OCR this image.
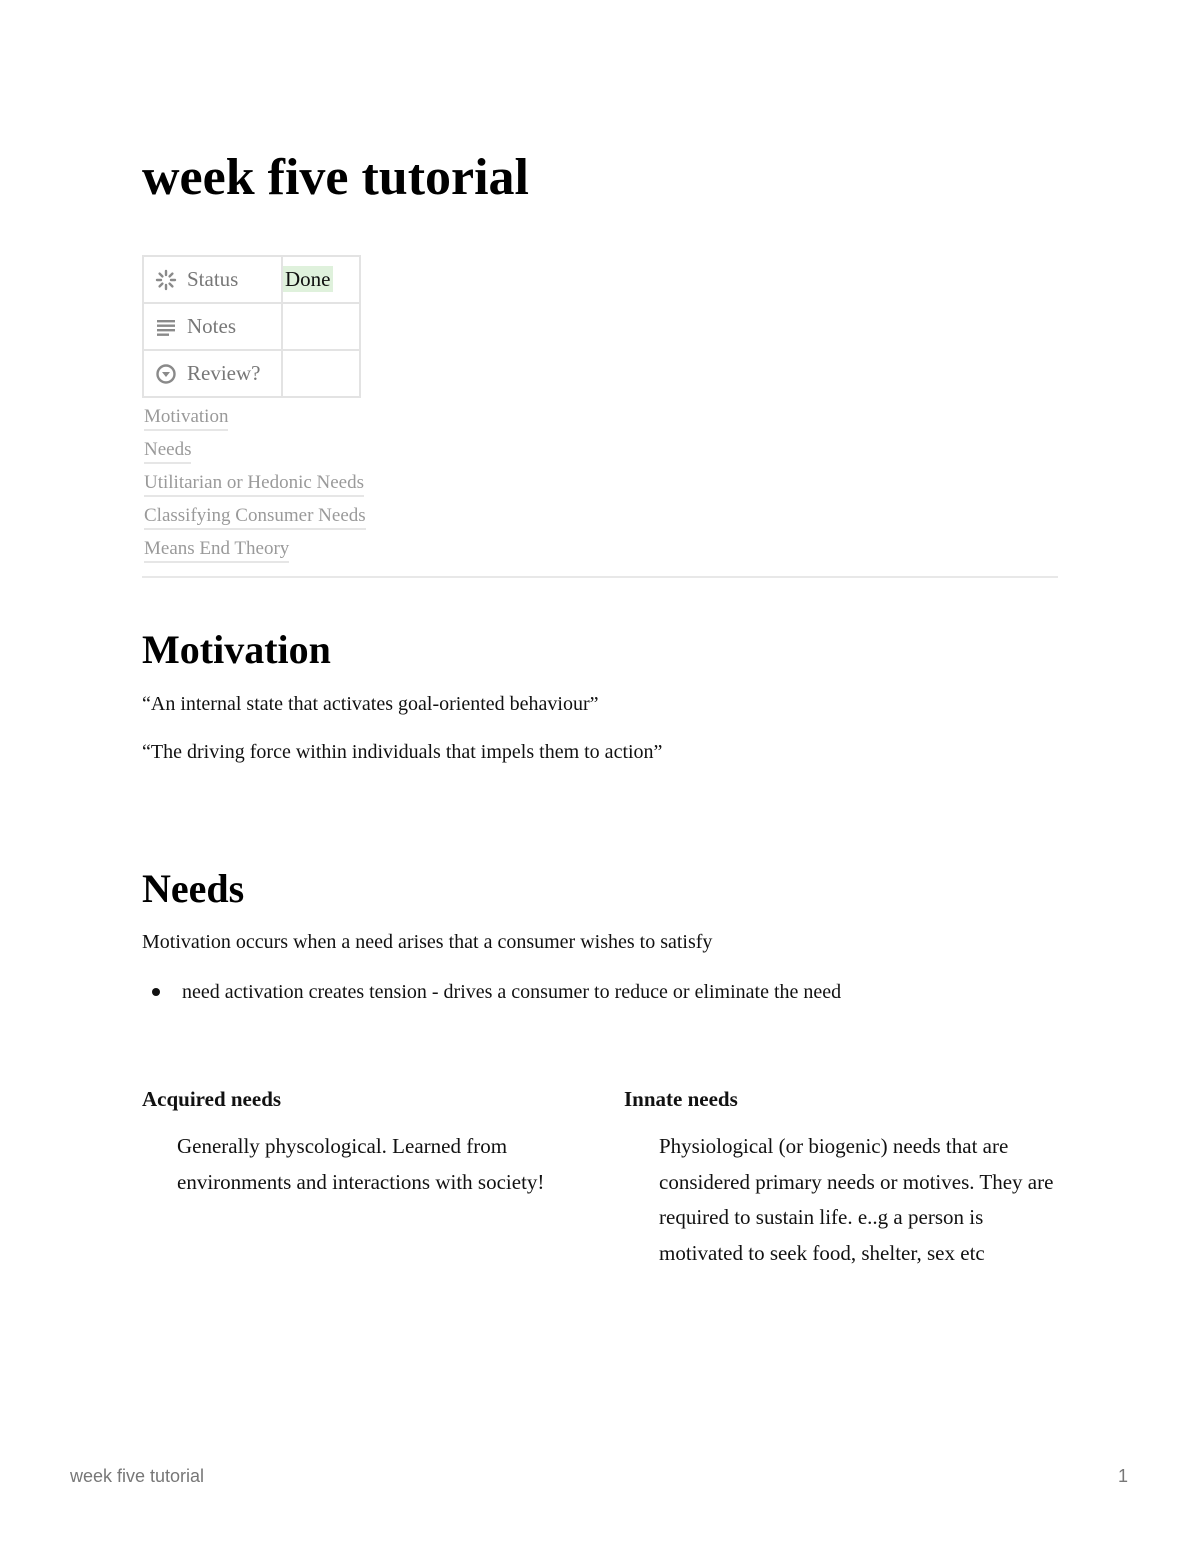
week five tutorial
Status	Done

Notes	

Review?	

Motivation
Needs
Utilitarian or Hedonic Needs
Classifying Consumer Needs
Means End Theory
Motivation

“An internal state that activates goal-oriented behaviour”

“The driving force within individuals that impels them to action”

Needs

Motivation occurs when a need arises that a consumer wishes to satisfy

need activation creates tension - drives a consumer to reduce or eliminate the need
Acquired needs

Generally physcological. Learned from environments and interactions with society!

Innate needs

Physiological (or biogenic) needs that are considered primary needs or motives. They are required to sustain life. e..g a person is motivated to seek food, shelter, sex etc

week five tutorial	1
